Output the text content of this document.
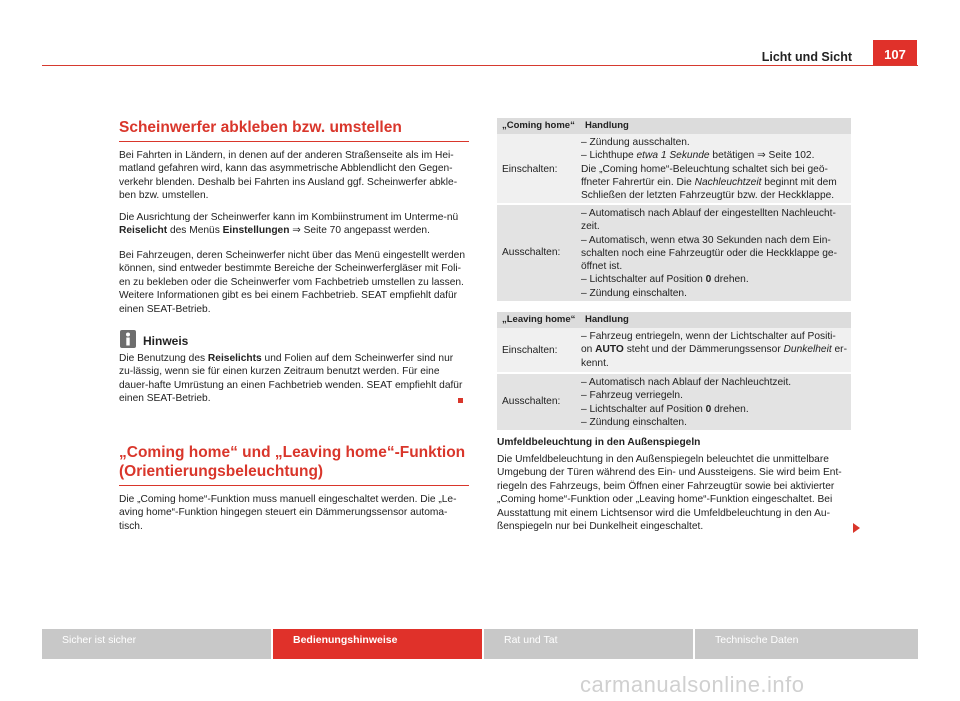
Licht und Sicht	107
Scheinwerfer abkleben bzw. umstellen

Bei Fahrten in Ländern, in denen auf der anderen Straßenseite als im Hei-matland gefahren wird, kann das asymmetrische Abblendlicht den Gegen-verkehr blenden. Deshalb bei Fahrten ins Ausland ggf. Scheinwerfer abkle-ben bzw. umstellen.

Die Ausrichtung der Scheinwerfer kann im Kombiinstrument im Unterme-nü Reiselicht des Menüs Einstellungen ⇒ Seite 70 angepasst werden.

Bei Fahrzeugen, deren Scheinwerfer nicht über das Menü eingestellt werden können, sind entweder bestimmte Bereiche der Scheinwerfergläser mit Foli-en zu bekleben oder die Scheinwerfer vom Fachbetrieb umstellen zu lassen. Weitere Informationen gibt es bei einem Fachbetrieb. SEAT empfiehlt dafür einen SEAT-Betrieb.

Hinweis

Die Benutzung des Reiselichts und Folien auf dem Scheinwerfer sind nur zu-lässig, wenn sie für einen kurzen Zeitraum benutzt werden. Für eine dauer-hafte Umrüstung an einen Fachbetrieb wenden. SEAT empfiehlt dafür einen SEAT-Betrieb.

„Coming home“ und „Leaving home“-Funktion
(Orientierungsbeleuchtung)

Die „Coming home“-Funktion muss manuell eingeschaltet werden. Die „Le-aving home“-Funktion hingegen steuert ein Dämmerungssensor automa-tisch.

„Coming home“ Handlung
Einschalten:
– Zündung ausschalten.
– Lichthupe etwa 1 Sekunde betätigen ⇒ Seite 102.
Die „Coming home“-Beleuchtung schaltet sich bei geö-
ffneter Fahrertür ein. Die Nachleuchtzeit beginnt mit dem
Schließen der letzten Fahrzeugtür bzw. der Heckklappe.
Ausschalten:
– Automatisch nach Ablauf der eingestellten Nachleucht-
zeit.
– Automatisch, wenn etwa 30 Sekunden nach dem Ein-
schalten noch eine Fahrzeugtür oder die Heckklappe ge-
öffnet ist.
– Lichtschalter auf Position 0 drehen.
– Zündung einschalten.
„Leaving home“ Handlung
Einschalten:
– Fahrzeug entriegeln, wenn der Lichtschalter auf Positi-
on AUTO steht und der Dämmerungssensor Dunkelheit er-
kennt.
Ausschalten:
– Automatisch nach Ablauf der Nachleuchtzeit.
– Fahrzeug verriegeln.
– Lichtschalter auf Position 0 drehen.
– Zündung einschalten.
Umfeldbeleuchtung in den Außenspiegeln

Die Umfeldbeleuchtung in den Außenspiegeln beleuchtet die unmittelbare Umgebung der Türen während des Ein- und Aussteigens. Sie wird beim Ent-riegeln des Fahrzeugs, beim Öffnen einer Fahrzeugtür sowie bei aktivierter „Coming home“-Funktion oder „Leaving home“-Funktion eingeschaltet. Bei Ausstattung mit einem Lichtsensor wird die Umfeldbeleuchtung in den Au-ßenspiegeln nur bei Dunkelheit eingeschaltet.

Sicher ist sicher	Bedienungshinweise	Rat und Tat	Technische Daten
carmanualsonline.info
